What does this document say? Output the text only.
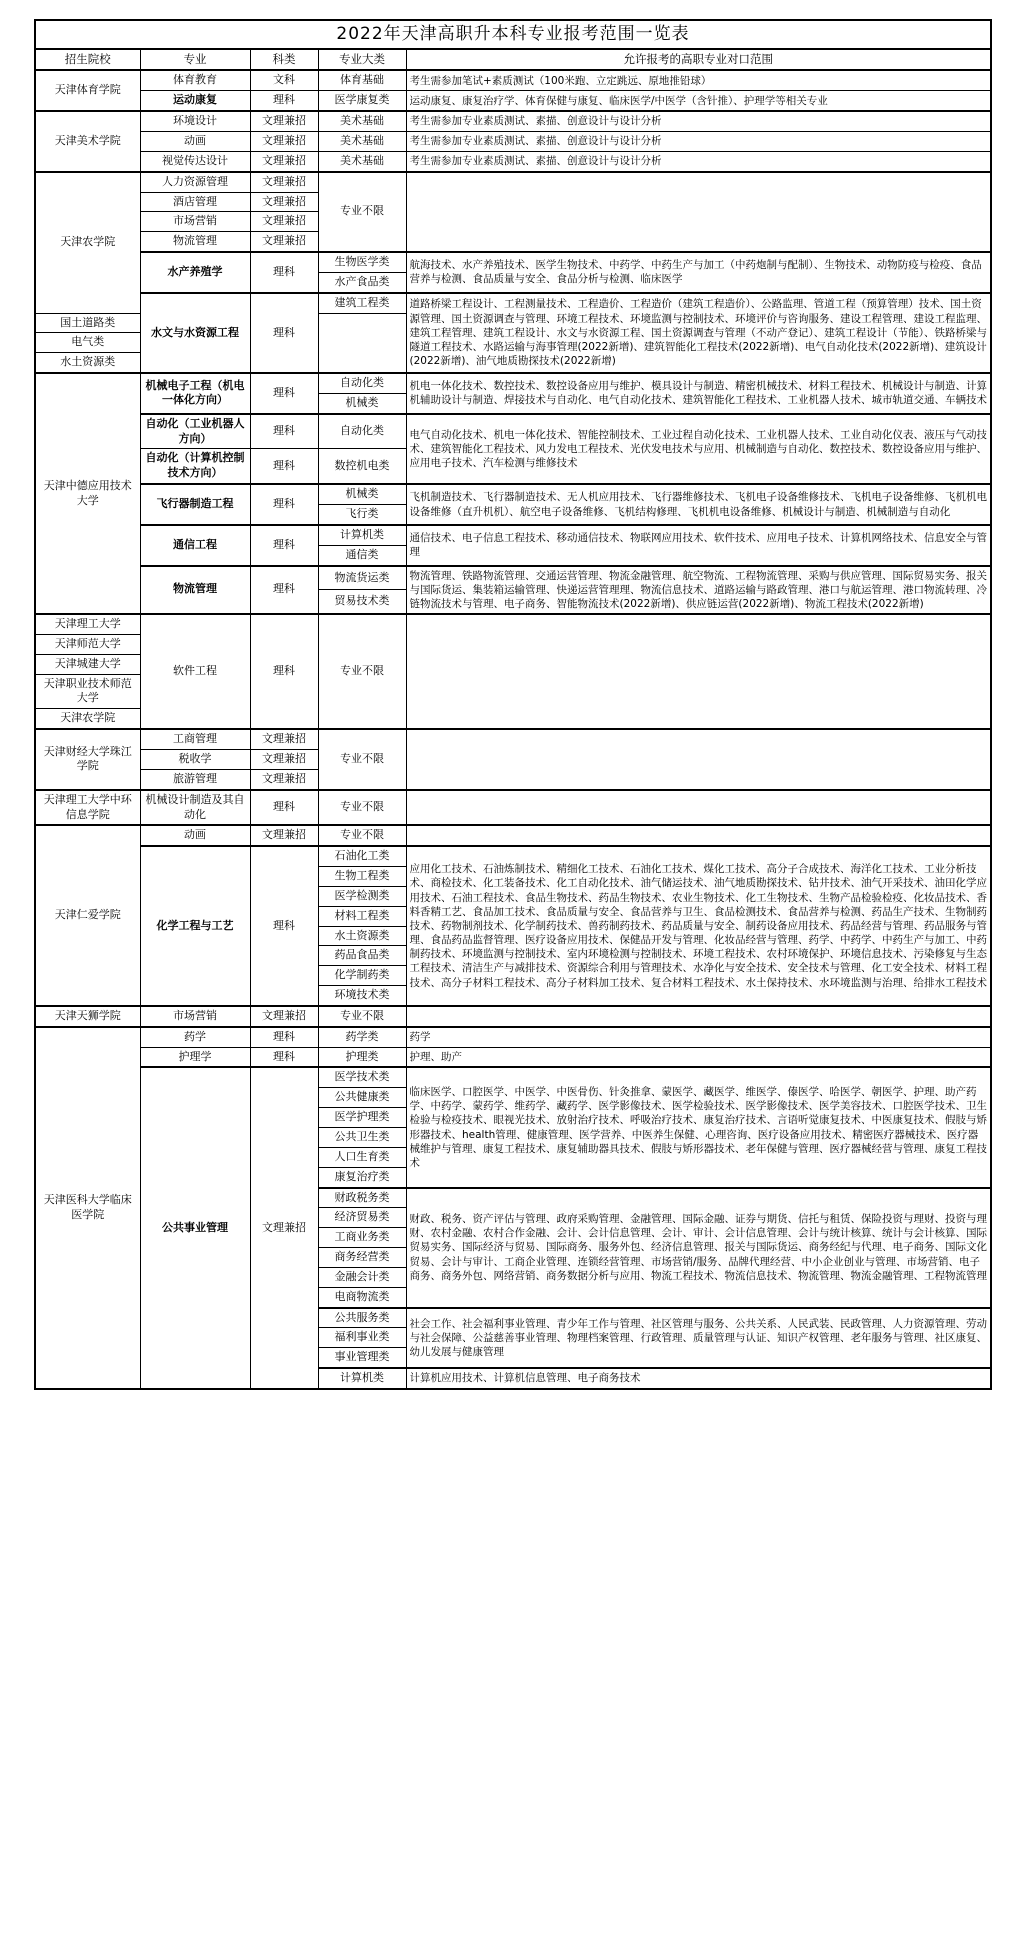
2022年天津高职升本科专业报考范围一览表				
招生院校	专业	科类	专业大类	允许报考的高职专业对口范围
天津体育学院	体育教育	文科	体育基础	考生需参加笔试+素质测试（100米跑、立定跳远、原地推铅球）
	运动康复	理科	医学康复类	运动康复、康复治疗学、体育保健与康复、临床医学/中医学（含针推）、护理学等相关专业
天津美术学院	环境设计	文理兼招	美术基础	考生需参加专业素质测试、素描、创意设计与设计分析
	动画	文理兼招	美术基础	考生需参加专业素质测试、素描、创意设计与设计分析
	视觉传达设计	文理兼招	美术基础	考生需参加专业素质测试、素描、创意设计与设计分析
天津农学院	人力资源管理	文理兼招	专业不限	
	酒店管理	文理兼招		
	市场营销	文理兼招		
	物流管理	文理兼招		
	水产养殖学	理科	生物医学类	航海技术、水产养殖技术、医学生物技术、中药学、中药生产与加工（中药炮制与配制）、生物技术、动物防疫与检疫、食品营养与检测、食品质量与安全、食品分析与检测、临床医学
			水产食品类	
	水文与水资源工程	理科	建筑工程类	道路桥梁工程设计、工程测量技术、工程造价、工程造价（建筑工程造价）、公路监理、管道工程（预算管理）技术、国土资源管理、国土资源调查与管理、环境工程技术、环境监测与控制技术、环境评价与咨询服务、建设工程管理、建设工程监理、建筑工程管理、建筑工程设计、水文与水资源工程、国土资源调查与管理（不动产登记）、建筑工程设计（节能）、铁路桥梁与隧道工程技术、水路运输与海事管理(2022新增)、建筑智能化工程技术(2022新增)、电气自动化技术(2022新增)、建筑设计(2022新增)、油气地质勘探技术(2022新增)
国土道路类				
电气类				
水土资源类				
天津中德应用技术大学	机械电子工程（机电一体化方向）	理科	自动化类	机电一体化技术、数控技术、数控设备应用与维护、模具设计与制造、精密机械技术、材料工程技术、机械设计与制造、计算机辅助设计与制造、焊接技术与自动化、电气自动化技术、建筑智能化工程技术、工业机器人技术、城市轨道交通、车辆技术
			机械类	
	自动化（工业机器人方向）	理科	自动化类	电气自动化技术、机电一体化技术、智能控制技术、工业过程自动化技术、工业机器人技术、工业自动化仪表、液压与气动技术、建筑智能化工程技术、风力发电工程技术、光伏发电技术与应用、机械制造与自动化、数控技术、数控设备应用与维护、应用电子技术、汽车检测与维修技术
	自动化（计算机控制技术方向）	理科	数控机电类	
	飞行器制造工程	理科	机械类	飞机制造技术、飞行器制造技术、无人机应用技术、飞行器维修技术、飞机电子设备维修技术、飞机电子设备维修、飞机机电设备维修（直升机机）、航空电子设备维修、飞机结构修理、飞机机电设备维修、机械设计与制造、机械制造与自动化
			飞行类	
	通信工程	理科	计算机类	通信技术、电子信息工程技术、移动通信技术、物联网应用技术、软件技术、应用电子技术、计算机网络技术、信息安全与管理
			通信类	
	物流管理	理科	物流货运类	物流管理、铁路物流管理、交通运营管理、物流金融管理、航空物流、工程物流管理、采购与供应管理、国际贸易实务、报关与国际货运、集装箱运输管理、快递运营管理理、物流信息技术、道路运输与路政管理、港口与航运管理、港口物流转理、冷链物流技术与管理、电子商务、智能物流技术(2022新增)、供应链运营(2022新增)、物流工程技术(2022新增)
			贸易技术类	
天津理工大学	软件工程	理科	专业不限	
天津师范大学				
天津城建大学				
天津职业技术师范大学				
天津农学院				
天津财经大学珠江学院	工商管理	文理兼招	专业不限	
	税收学	文理兼招		
	旅游管理	文理兼招		
天津理工大学中环信息学院	机械设计制造及其自动化	理科	专业不限	
天津仁爱学院	动画	文理兼招	专业不限	
	化学工程与工艺	理科	石油化工类	应用化工技术、石油炼制技术、精细化工技术、石油化工技术、煤化工技术、高分子合成技术、海洋化工技术、工业分析技术、商检技术、化工装备技术、化工自动化技术、油气储运技术、油气地质勘探技术、钻井技术、油气开采技术、油田化学应用技术、石油工程技术、食品生物技术、药品生物技术、农业生物技术、化工生物技术、生物产品检验检疫、化妆品技术、香料香精工艺、食品加工技术、食品质量与安全、食品营养与卫生、食品检测技术、食品营养与检测、药品生产技术、生物制药技术、药物制剂技术、化学制药技术、兽药制药技术、药品质量与安全、制药设备应用技术、药品经营与管理、药品服务与管理、食品药品监督管理、医疗设备应用技术、保健品开发与管理、化妆品经营与管理、药学、中药学、中药生产与加工、中药制药技术、环境监测与控制技术、室内环境检测与控制技术、环境工程技术、农村环境保护、环境信息技术、污染修复与生态工程技术、清洁生产与减排技术、资源综合利用与管理技术、水净化与安全技术、安全技术与管理、化工安全技术、材料工程技术、高分子材料工程技术、高分子材料加工技术、复合材料工程技术、水土保持技术、水环境监测与治理、给排水工程技术
			生物工程类	
			医学检测类	
			材料工程类	
			水土资源类	
			药品食品类	
			化学制药类	
			环境技术类	
天津天狮学院	市场营销	文理兼招	专业不限	
天津医科大学临床医学院	药学	理科	药学类	药学
	护理学	理科	护理类	护理、助产
	公共事业管理	文理兼招	医学技术类	临床医学、口腔医学、中医学、中医骨伤、针灸推拿、蒙医学、藏医学、维医学、傣医学、哈医学、朝医学、护理、助产药学、中药学、蒙药学、维药学、藏药学、医学影像技术、医学检验技术、医学影像技术、医学美容技术、口腔医学技术、卫生检验与检疫技术、眼视光技术、放射治疗技术、呼吸治疗技术、康复治疗技术、言语听觉康复技术、中医康复技术、假肢与矫形器技术、health管理、健康管理、医学营养、中医养生保健、心理咨询、医疗设备应用技术、精密医疗器械技术、医疗器械维护与管理、康复工程技术、康复辅助器具技术、假肢与矫形器技术、老年保健与管理、医疗器械经营与管理、康复工程技术
			公共健康类	
			医学护理类	
			公共卫生类	
			人口生育类	
			康复治疗类	
			财政税务类	财政、税务、资产评估与管理、政府采购管理、金融管理、国际金融、证券与期货、信托与租赁、保险投资与理财、投资与理财、农村金融、农村合作金融、会计、会计信息管理、会计、审计、会计信息管理、会计与统计核算、统计与会计核算、国际贸易实务、国际经济与贸易、国际商务、服务外包、经济信息管理、报关与国际货运、商务经纪与代理、电子商务、国际文化贸易、会计与审计、工商企业管理、连锁经营管理、市场营销/服务、品牌代理经营、中小企业创业与管理、市场营销、电子商务、商务外包、网络营销、商务数据分析与应用、物流工程技术、物流信息技术、物流管理、物流金融管理、工程物流管理
			经济贸易类	
			工商业务类	
			商务经营类	
			金融会计类	
			电商物流类	
			公共服务类	社会工作、社会福利事业管理、青少年工作与管理、社区管理与服务、公共关系、人民武装、民政管理、人力资源管理、劳动与社会保障、公益慈善事业管理、物理档案管理、行政管理、质量管理与认证、知识产权管理、老年服务与管理、社区康复、幼儿发展与健康管理
			福利事业类	
			事业管理类	
			计算机类	计算机应用技术、计算机信息管理、电子商务技术
